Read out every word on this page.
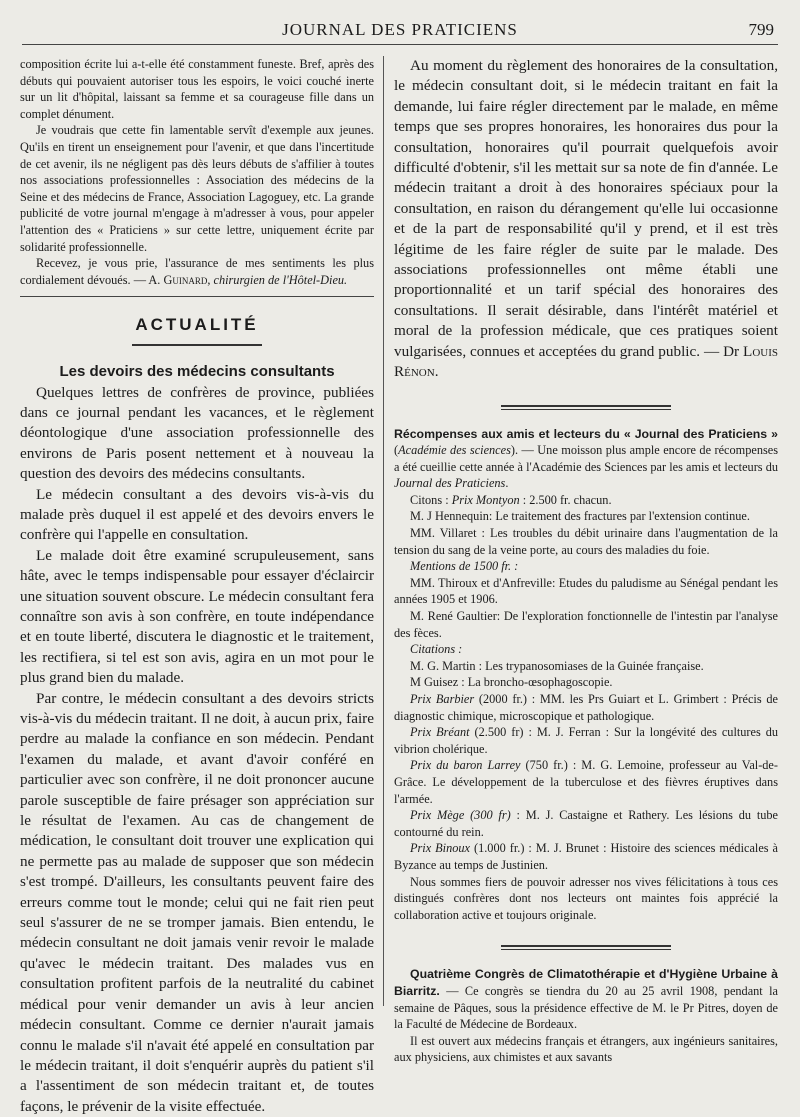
JOURNAL DES PRATICIENS	799

composition écrite lui a-t-elle été constamment funeste. Bref, après des débuts qui pouvaient autoriser tous les espoirs, le voici couché inerte sur un lit d'hôpital, laissant sa femme et sa courageuse fille dans un complet dénument.

Je voudrais que cette fin lamentable servît d'exemple aux jeunes. Qu'ils en tirent un enseignement pour l'avenir, et que dans l'incertitude de cet avenir, ils ne négligent pas dès leurs débuts de s'affilier à toutes nos associations professionnelles : Association des médecins de la Seine et des médecins de France, Association Lagoguey, etc. La grande publicité de votre journal m'engage à m'adresser à vous, pour appeler l'attention des « Praticiens » sur cette lettre, uniquement écrite par solidarité professionnelle.

Recevez, je vous prie, l'assurance de mes sentiments les plus cordialement dévoués. — A. Guinard, chirurgien de l'Hôtel-Dieu.

ACTUALITÉ
Les devoirs des médecins consultants

Quelques lettres de confrères de province, publiées dans ce journal pendant les vacances, et le règlement déontologique d'une association professionnelle des environs de Paris posent nettement et à nouveau la question des devoirs des médecins consultants.

Le médecin consultant a des devoirs vis-à-vis du malade près duquel il est appelé et des devoirs envers le confrère qui l'appelle en consultation.

Le malade doit être examiné scrupuleusement, sans hâte, avec le temps indispensable pour essayer d'éclaircir une situation souvent obscure. Le médecin consultant fera connaître son avis à son confrère, en toute indépendance et en toute liberté, discutera le diagnostic et le traitement, les rectifiera, si tel est son avis, agira en un mot pour le plus grand bien du malade.

Par contre, le médecin consultant a des devoirs stricts vis-à-vis du médecin traitant. Il ne doit, à aucun prix, faire perdre au malade la confiance en son médecin. Pendant l'examen du malade, et avant d'avoir conféré en particulier avec son confrère, il ne doit prononcer aucune parole susceptible de faire présager son appréciation sur le résultat de l'examen. Au cas de changement de médication, le consultant doit trouver une explication qui ne permette pas au malade de supposer que son médecin s'est trompé. D'ailleurs, les consultants peuvent faire des erreurs comme tout le monde; celui qui ne fait rien peut seul s'assurer de ne se tromper jamais. Bien entendu, le médecin consultant ne doit jamais venir revoir le malade qu'avec le médecin traitant. Des malades vus en consultation profitent parfois de la neutralité du cabinet médical pour venir demander un avis à leur ancien médecin consultant. Comme ce dernier n'aurait jamais connu le malade s'il n'avait été appelé en consultation par le médecin traitant, il doit s'enquérir auprès du patient s'il a l'assentiment de son médecin traitant et, de toutes façons, le prévenir de la visite effectuée.

Au moment du règlement des honoraires de la consultation, le médecin consultant doit, si le médecin traitant en fait la demande, lui faire régler directement par le malade, en même temps que ses propres honoraires, les honoraires dus pour la consultation, honoraires qu'il pourrait quelquefois avoir difficulté d'obtenir, s'il les mettait sur sa note de fin d'année. Le médecin traitant a droit à des honoraires spéciaux pour la consultation, en raison du dérangement qu'elle lui occasionne et de la part de responsabilité qu'il y prend, et il est très légitime de les faire régler de suite par le malade. Des associations professionnelles ont même établi une proportionnalité et un tarif spécial des honoraires des consultations. Il serait désirable, dans l'intérêt matériel et moral de la profession médicale, que ces pratiques soient vulgarisées, connues et acceptées du grand public. — Dr Louis Rénon.

Récompenses aux amis et lecteurs du « Journal des Praticiens » (Académie des sciences). — Une moisson plus ample encore de récompenses a été cueillie cette année à l'Académie des Sciences par les amis et lecteurs du Journal des Praticiens.

Citons : Prix Montyon : 2.500 fr. chacun.

M. J Hennequin: Le traitement des fractures par l'extension continue.

MM. Villaret : Les troubles du débit urinaire dans l'augmentation de la tension du sang de la veine porte, au cours des maladies du foie.

Mentions de 1500 fr. :

MM. Thiroux et d'Anfreville: Etudes du paludisme au Sénégal pendant les années 1905 et 1906.

M. René Gaultier: De l'exploration fonctionnelle de l'intestin par l'analyse des fèces.

Citations :

M. G. Martin : Les trypanosomiases de la Guinée française.

M Guisez : La broncho-œsophagoscopie.

Prix Barbier (2000 fr.) : MM. les Prs Guiart et L. Grimbert : Précis de diagnostic chimique, microscopique et pathologique.

Prix Bréant (2.500 fr) : M. J. Ferran : Sur la longévité des cultures du vibrion cholérique.

Prix du baron Larrey (750 fr.) : M. G. Lemoine, professeur au Val-de-Grâce. Le développement de la tuberculose et des fièvres éruptives dans l'armée.

Prix Mège (300 fr) : M. J. Castaigne et Rathery. Les lésions du tube contourné du rein.

Prix Binoux (1.000 fr.) : M. J. Brunet : Histoire des sciences médicales à Byzance au temps de Justinien.

Nous sommes fiers de pouvoir adresser nos vives félicitations à tous ces distingués confrères dont nos lecteurs ont maintes fois apprécié la collaboration active et toujours originale.

Quatrième Congrès de Climatothérapie et d'Hygiène Urbaine à Biarritz. — Ce congrès se tiendra du 20 au 25 avril 1908, pendant la semaine de Pâques, sous la présidence effective de M. le Pr Pitres, doyen de la Faculté de Médecine de Bordeaux.

Il est ouvert aux médecins français et étrangers, aux ingénieurs sanitaires, aux physiciens, aux chimistes et aux savants
